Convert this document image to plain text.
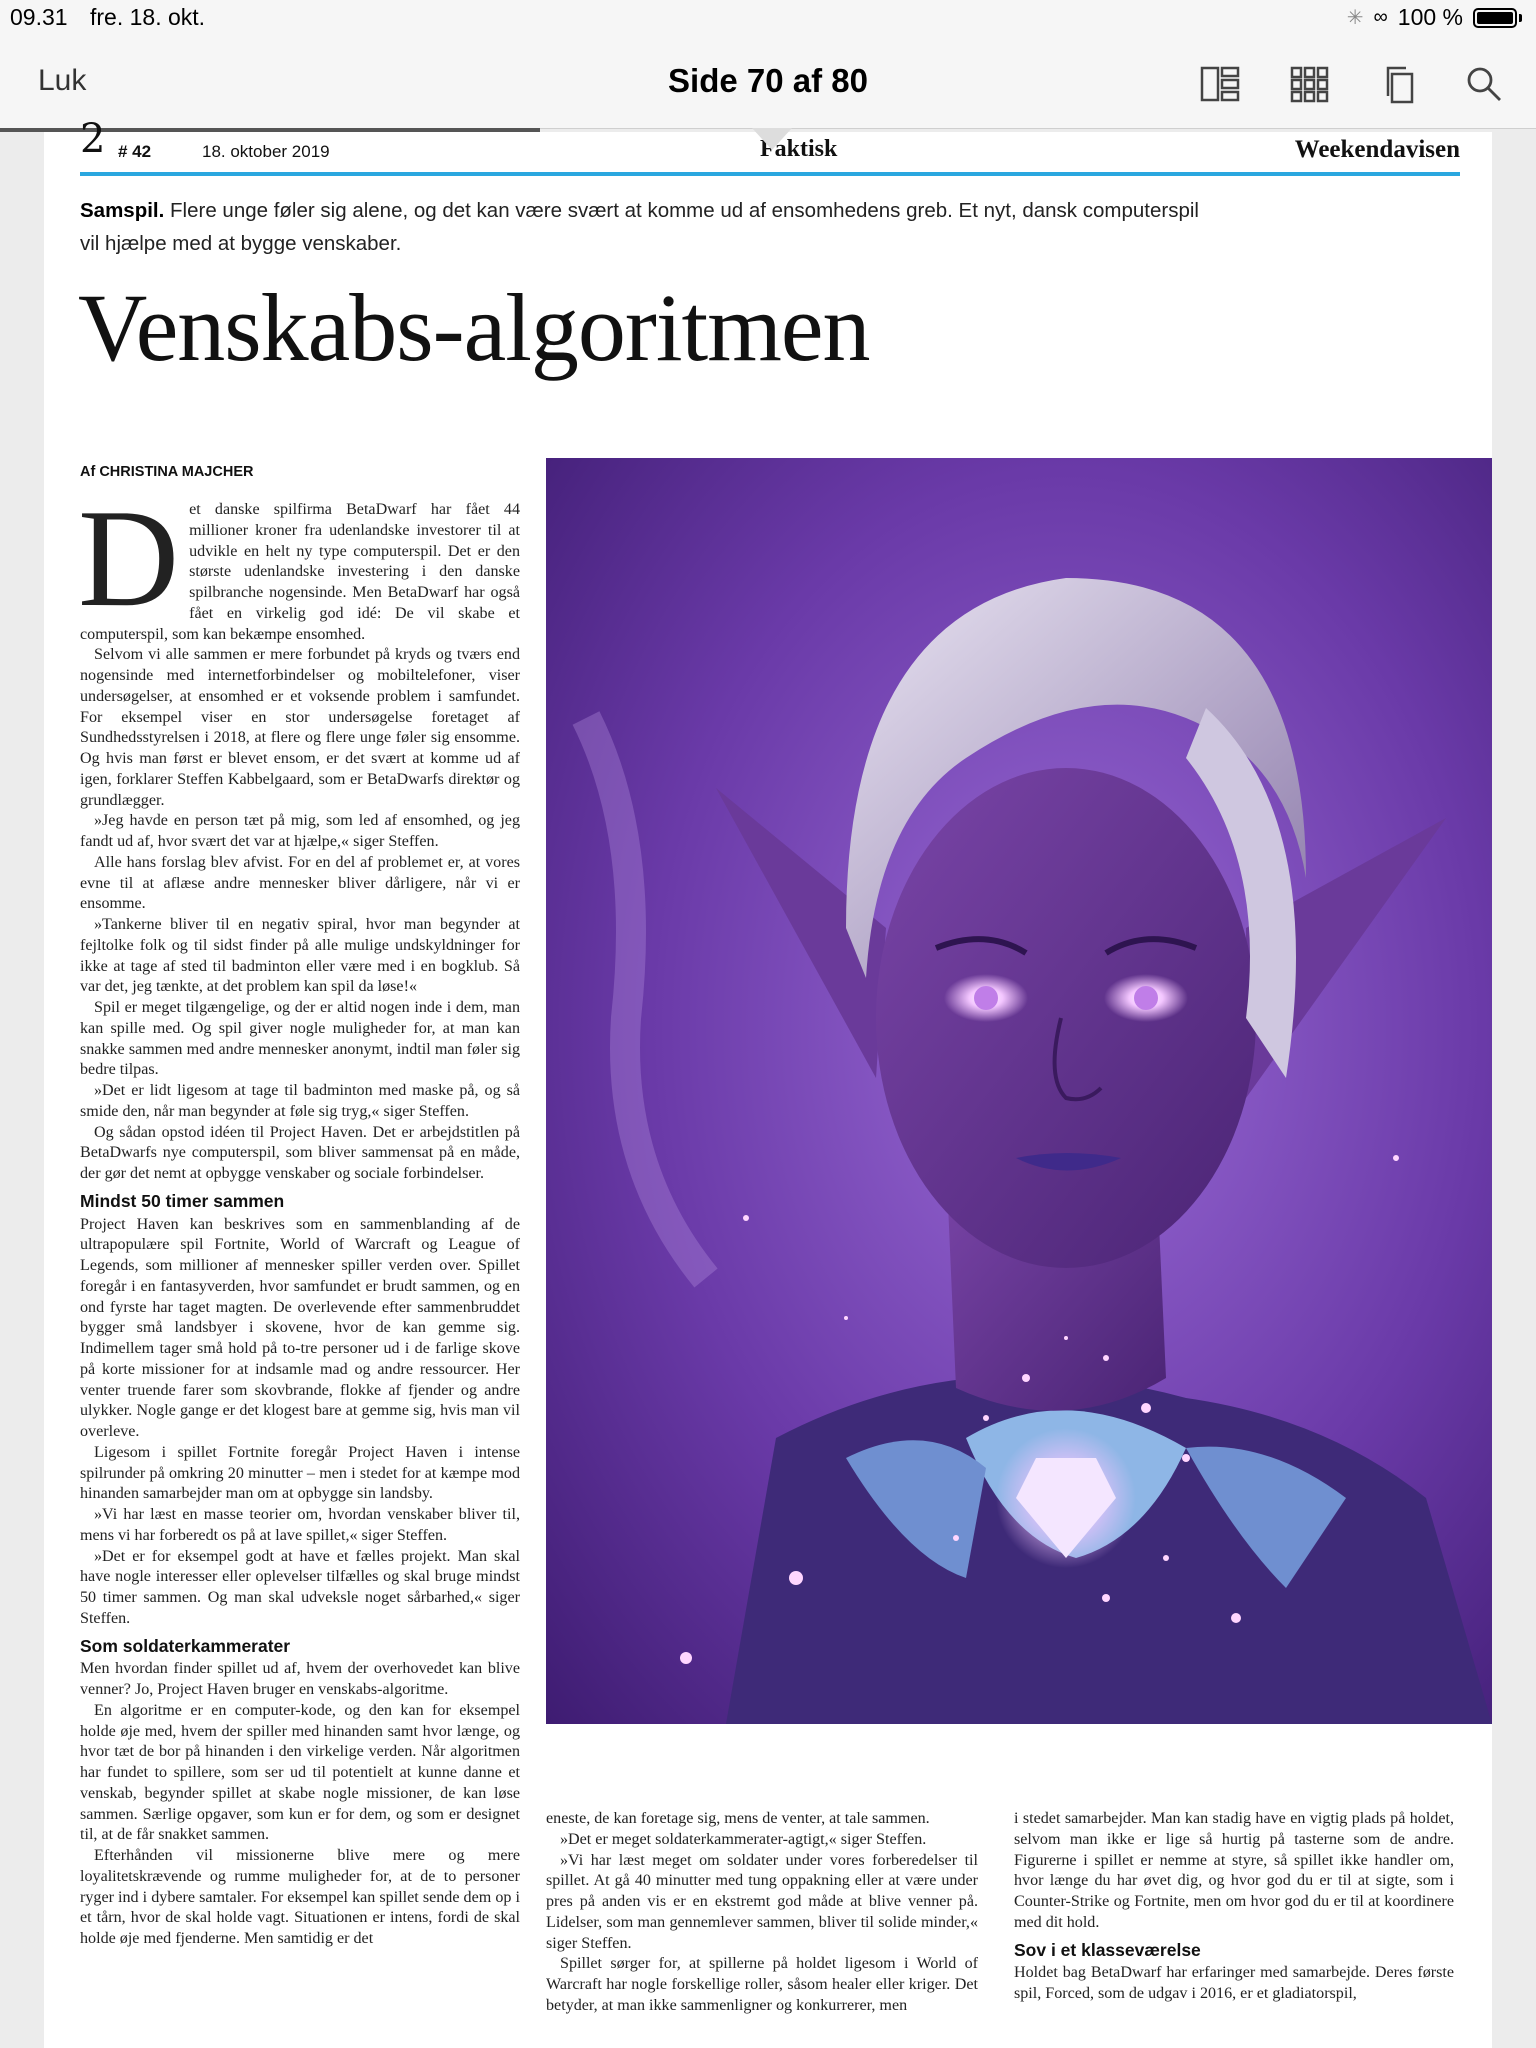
09.31 fre. 18. okt.	✳ ∞ 100 %
Luk	Side 70 af 80
2 # 42	18. oktober 2019	Faktisk	Weekendavisen
Samspil. Flere unge føler sig alene, og det kan være svært at komme ud af ensomhedens greb. Et nyt, dansk computerspil vil hjælpe med at bygge venskaber.
Venskabs-algoritmen
Af CHRISTINA MAJCHER
D et danske spilfirma BetaDwarf har fået 44 millioner kroner fra udenlandske investorer til at udvikle en helt ny type computerspil. Det er den største udenlandske investering i den danske spilbranche nogensinde. Men BetaDwarf har også fået en virkelig god idé: De vil skabe et computerspil, som kan bekæmpe ensomhed.

Selvom vi alle sammen er mere forbundet på kryds og tværs end nogensinde med internetforbindelser og mobiltelefoner, viser undersøgelser, at ensomhed er et voksende problem i samfundet. For eksempel viser en stor undersøgelse foretaget af Sundhedsstyrelsen i 2018, at flere og flere unge føler sig ensomme. Og hvis man først er blevet ensom, er det svært at komme ud af igen, forklarer Steffen Kabbelgaard, som er BetaDwarfs direktør og grundlægger.

»Jeg havde en person tæt på mig, som led af ensomhed, og jeg fandt ud af, hvor svært det var at hjælpe,« siger Steffen.

Alle hans forslag blev afvist. For en del af problemet er, at vores evne til at aflæse andre mennesker bliver dårligere, når vi er ensomme.

»Tankerne bliver til en negativ spiral, hvor man begynder at fejltolke folk og til sidst finder på alle mulige undskyldninger for ikke at tage af sted til badminton eller være med i en bogklub. Så var det, jeg tænkte, at det problem kan spil da løse!«

Spil er meget tilgængelige, og der er altid nogen inde i dem, man kan spille med. Og spil giver nogle muligheder for, at man kan snakke sammen med andre mennesker anonymt, indtil man føler sig bedre tilpas.

»Det er lidt ligesom at tage til badminton med maske på, og så smide den, når man begynder at føle sig tryg,« siger Steffen.

Og sådan opstod idéen til Project Haven. Det er arbejdstitlen på BetaDwarfs nye computerspil, som bliver sammensat på en måde, der gør det nemt at opbygge venskaber og sociale forbindelser.

Mindst 50 timer sammen

Project Haven kan beskrives som en sammenblanding af de ultrapopulære spil Fortnite, World of Warcraft og League of Legends, som millioner af mennesker spiller verden over. Spillet foregår i en fantasyverden, hvor samfundet er brudt sammen, og en ond fyrste har taget magten. De overlevende efter sammenbruddet bygger små landsbyer i skovene, hvor de kan gemme sig. Indimellem tager små hold på to-tre personer ud i de farlige skove på korte missioner for at indsamle mad og andre ressourcer. Her venter truende farer som skovbrande, flokke af fjender og andre ulykker. Nogle gange er det klogest bare at gemme sig, hvis man vil overleve.

Ligesom i spillet Fortnite foregår Project Haven i intense spilrunder på omkring 20 minutter – men i stedet for at kæmpe mod hinanden samarbejder man om at opbygge sin landsby.

»Vi har læst en masse teorier om, hvordan venskaber bliver til, mens vi har forberedt os på at lave spillet,« siger Steffen.

»Det er for eksempel godt at have et fælles projekt. Man skal have nogle interesser eller oplevelser tilfælles og skal bruge mindst 50 timer sammen. Og man skal udveksle noget sårbarhed,« siger Steffen.

Som soldaterkammerater

Men hvordan finder spillet ud af, hvem der overhovedet kan blive venner? Jo, Project Haven bruger en venskabs-algoritme.

En algoritme er en computer-kode, og den kan for eksempel holde øje med, hvem der spiller med hinanden samt hvor længe, og hvor tæt de bor på hinanden i den virkelige verden. Når algoritmen har fundet to spillere, som ser ud til potentielt at kunne danne et venskab, begynder spillet at skabe nogle missioner, de kan løse sammen. Særlige opgaver, som kun er for dem, og som er designet til, at de får snakket sammen.

Efterhånden vil missionerne blive mere og mere loyalitetskrævende og rumme muligheder for, at de to personer ryger ind i dybere samtaler. For eksempel kan spillet sende dem op i et tårn, hvor de skal holde vagt. Situationen er intens, fordi de skal holde øje med fjenderne. Men samtidig er det

eneste, de kan foretage sig, mens de venter, at tale sammen.

»Det er meget soldaterkammerater-agtigt,« siger Steffen.

»Vi har læst meget om soldater under vores forberedelser til spillet. At gå 40 minutter med tung oppakning eller at være under pres på anden vis er en ekstremt god måde at blive venner på. Lidelser, som man gennemlever sammen, bliver til solide minder,« siger Steffen.

Spillet sørger for, at spillerne på holdet ligesom i World of Warcraft har nogle forskellige roller, såsom healer eller kriger. Det betyder, at man ikke sammenligner og konkurrerer, men

i stedet samarbejder. Man kan stadig have en vigtig plads på holdet, selvom man ikke er lige så hurtig på tasterne som de andre. Figurerne i spillet er nemme at styre, så spillet ikke handler om, hvor længe du har øvet dig, og hvor god du er til at sigte, som i Counter-Strike og Fortnite, men om hvor god du er til at koordinere med dit hold.

Sov i et klasseværelse

Holdet bag BetaDwarf har erfaringer med samarbejde. Deres første spil, Forced, som de udgav i 2016, er et gladiatorspil,
